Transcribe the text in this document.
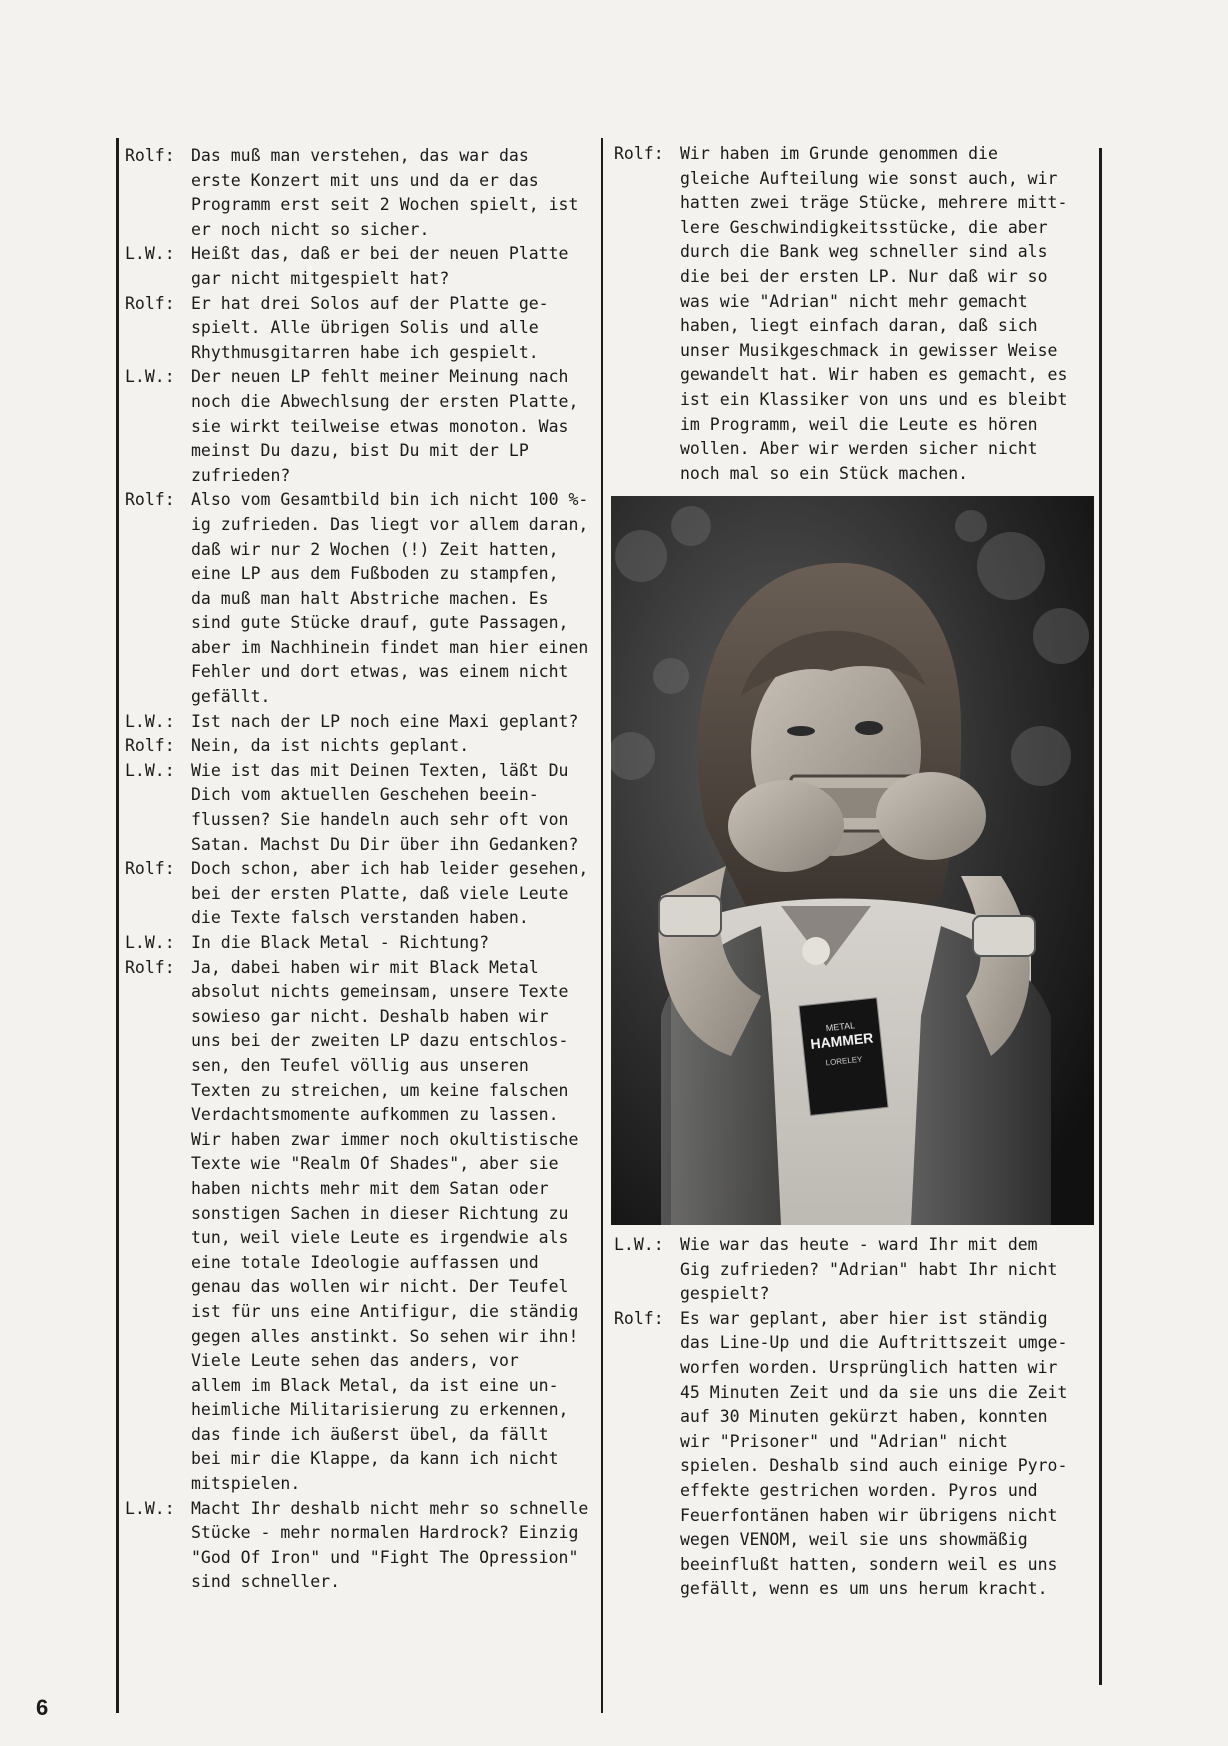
Rolf: Das muß man verstehen, das war das
erste Konzert mit uns und da er das
Programm erst seit 2 Wochen spielt, ist
er noch nicht so sicher.
L.W.: Heißt das, daß er bei der neuen Platte
gar nicht mitgespielt hat?
Rolf: Er hat drei Solos auf der Platte ge-
spielt. Alle übrigen Solis und alle
Rhythmusgitarren habe ich gespielt.
L.W.: Der neuen LP fehlt meiner Meinung nach
noch die Abwechlsung der ersten Platte,
sie wirkt teilweise etwas monoton. Was
meinst Du dazu, bist Du mit der LP
zufrieden?
Rolf: Also vom Gesamtbild bin ich nicht 100 %-
ig zufrieden. Das liegt vor allem daran,
daß wir nur 2 Wochen (!) Zeit hatten,
eine LP aus dem Fußboden zu stampfen,
da muß man halt Abstriche machen. Es
sind gute Stücke drauf, gute Passagen,
aber im Nachhinein findet man hier einen
Fehler und dort etwas, was einem nicht
gefällt.
L.W.: Ist nach der LP noch eine Maxi geplant?
Rolf: Nein, da ist nichts geplant.
L.W.: Wie ist das mit Deinen Texten, läßt Du
Dich vom aktuellen Geschehen beein-
flussen? Sie handeln auch sehr oft von
Satan. Machst Du Dir über ihn Gedanken?
Rolf: Doch schon, aber ich hab leider gesehen,
bei der ersten Platte, daß viele Leute
die Texte falsch verstanden haben.
L.W.: In die Black Metal - Richtung?
Rolf: Ja, dabei haben wir mit Black Metal
absolut nichts gemeinsam, unsere Texte
sowieso gar nicht. Deshalb haben wir
uns bei der zweiten LP dazu entschlos-
sen, den Teufel völlig aus unseren
Texten zu streichen, um keine falschen
Verdachtsmomente aufkommen zu lassen.
Wir haben zwar immer noch okultistische
Texte wie "Realm Of Shades", aber sie
haben nichts mehr mit dem Satan oder
sonstigen Sachen in dieser Richtung zu
tun, weil viele Leute es irgendwie als
eine totale Ideologie auffassen und
genau das wollen wir nicht. Der Teufel
ist für uns eine Antifigur, die ständig
gegen alles anstinkt. So sehen wir ihn!
Viele Leute sehen das anders, vor
allem im Black Metal, da ist eine un-
heimliche Militarisierung zu erkennen,
das finde ich äußerst übel, da fällt
bei mir die Klappe, da kann ich nicht
mitspielen.
L.W.: Macht Ihr deshalb nicht mehr so schnelle
Stücke - mehr normalen Hardrock? Einzig
"God Of Iron" und "Fight The Opression"
sind schneller.
Rolf: Wir haben im Grunde genommen die
gleiche Aufteilung wie sonst auch, wir
hatten zwei träge Stücke, mehrere mitt-
lere Geschwindigkeitsstücke, die aber
durch die Bank weg schneller sind als
die bei der ersten LP. Nur daß wir so
was wie "Adrian" nicht mehr gemacht
haben, liegt einfach daran, daß sich
unser Musikgeschmack in gewisser Weise
gewandelt hat. Wir haben es gemacht, es
ist ein Klassiker von uns und es bleibt
im Programm, weil die Leute es hören
wollen. Aber wir werden sicher nicht
noch mal so ein Stück machen.
METAL
HAMMER
LORELEY
L.W.: Wie war das heute - ward Ihr mit dem
Gig zufrieden? "Adrian" habt Ihr nicht
gespielt?
Rolf: Es war geplant, aber hier ist ständig
das Line-Up und die Auftrittszeit umge-
worfen worden. Ursprünglich hatten wir
45 Minuten Zeit und da sie uns die Zeit
auf 30 Minuten gekürzt haben, konnten
wir "Prisoner" und "Adrian" nicht
spielen. Deshalb sind auch einige Pyro-
effekte gestrichen worden. Pyros und
Feuerfontänen haben wir übrigens nicht
wegen VENOM, weil sie uns showmäßig
beeinflußt hatten, sondern weil es uns
gefällt, wenn es um uns herum kracht.
6
